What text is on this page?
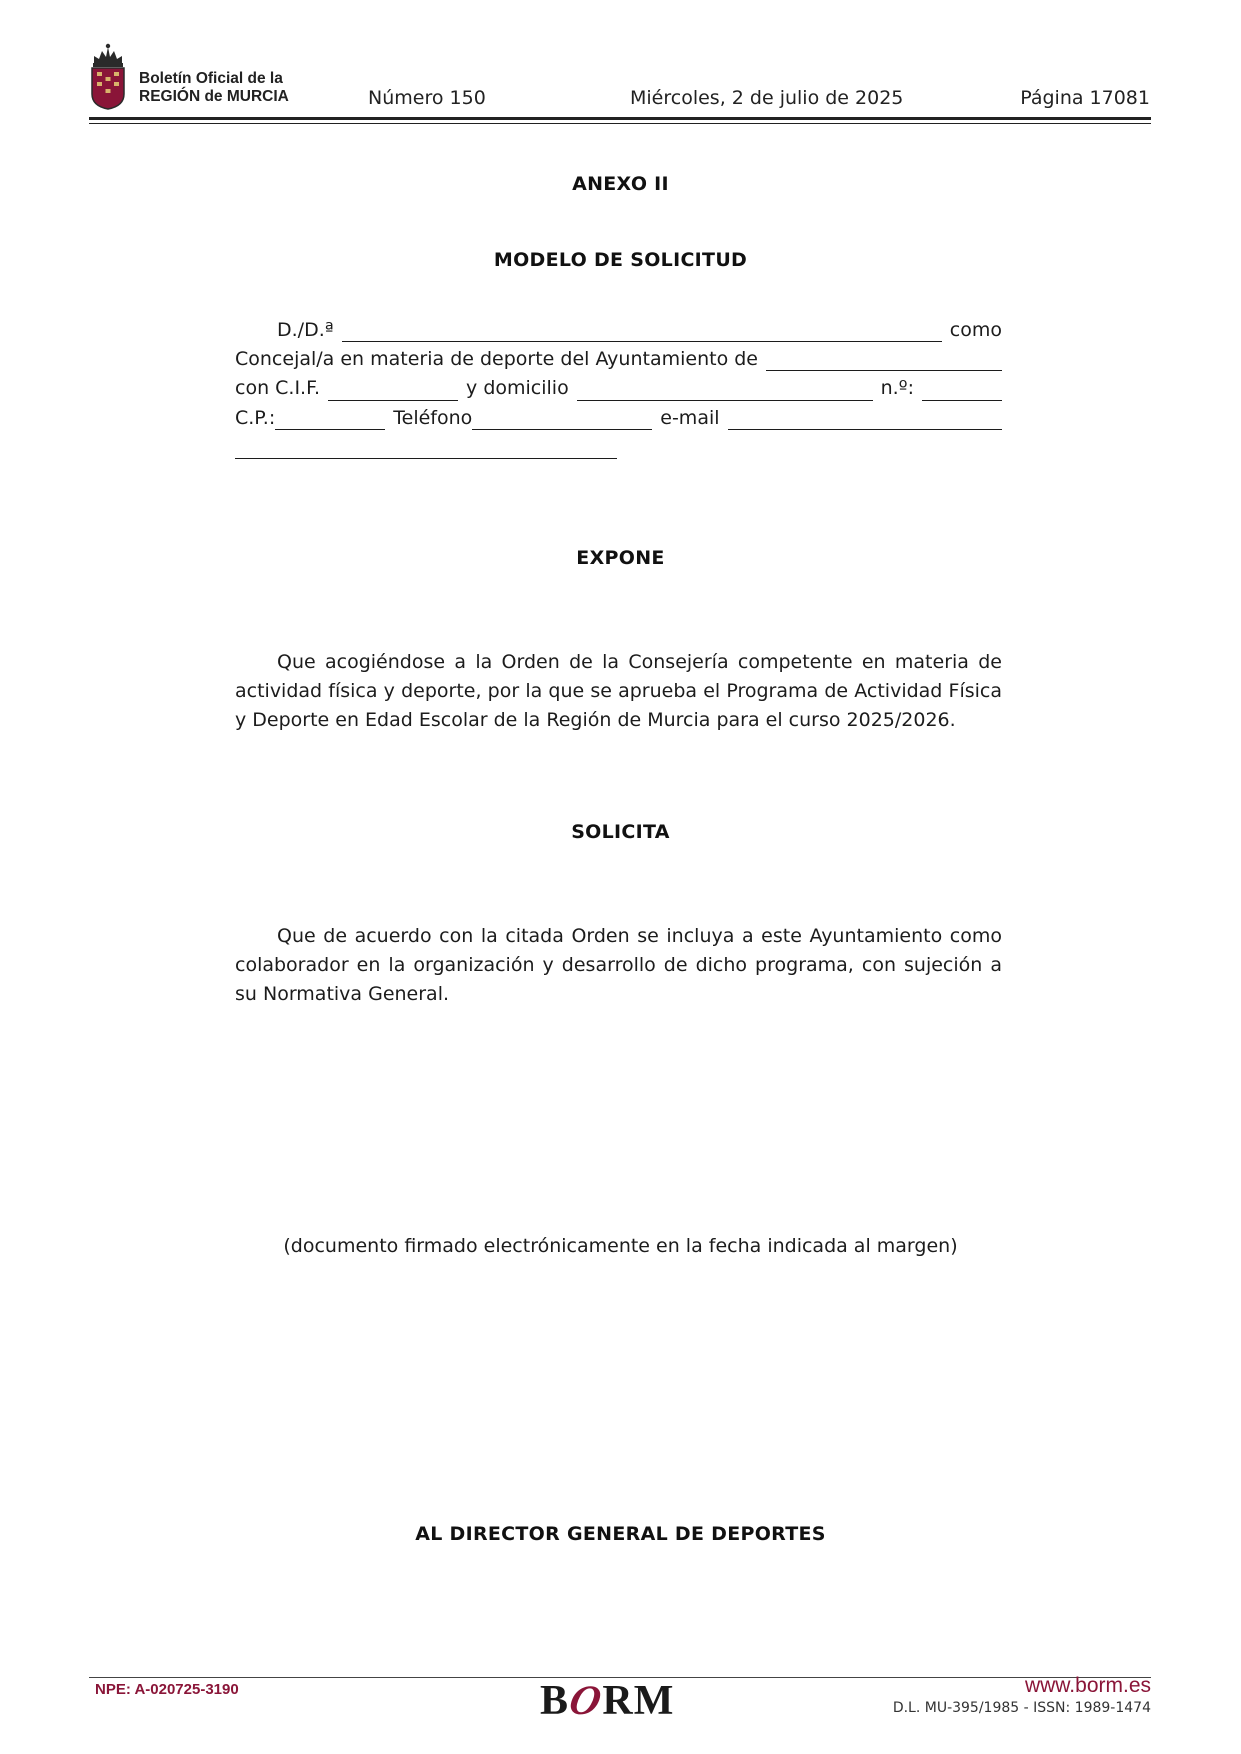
Boletín Oficial de la
REGIÓN de MURCIA	Número 150	Miércoles, 2 de julio de 2025	Página 17081
ANEXO II
MODELO DE SOLICITUD
D./D.ª	como
Concejal/a en materia de deporte del Ayuntamiento de
con C.I.F.	y domicilio	n.º:
C.P.:	Teléfono	e-mail
EXPONE

Que acogiéndose a la Orden de la Consejería competente en materia de actividad física y deporte, por la que se aprueba el Programa de Actividad Física y Deporte en Edad Escolar de la Región de Murcia para el curso 2025/2026.

SOLICITA

Que de acuerdo con la citada Orden se incluya a este Ayuntamiento como colaborador en la organización y desarrollo de dicho programa, con sujeción a su Normativa General.

(documento firmado electrónicamente en la fecha indicada al margen)
AL DIRECTOR GENERAL DE DEPORTES
NPE: A-020725-3190	B
O
RM	www.borm.es
D.L. MU-395/1985 - ISSN: 1989-1474
